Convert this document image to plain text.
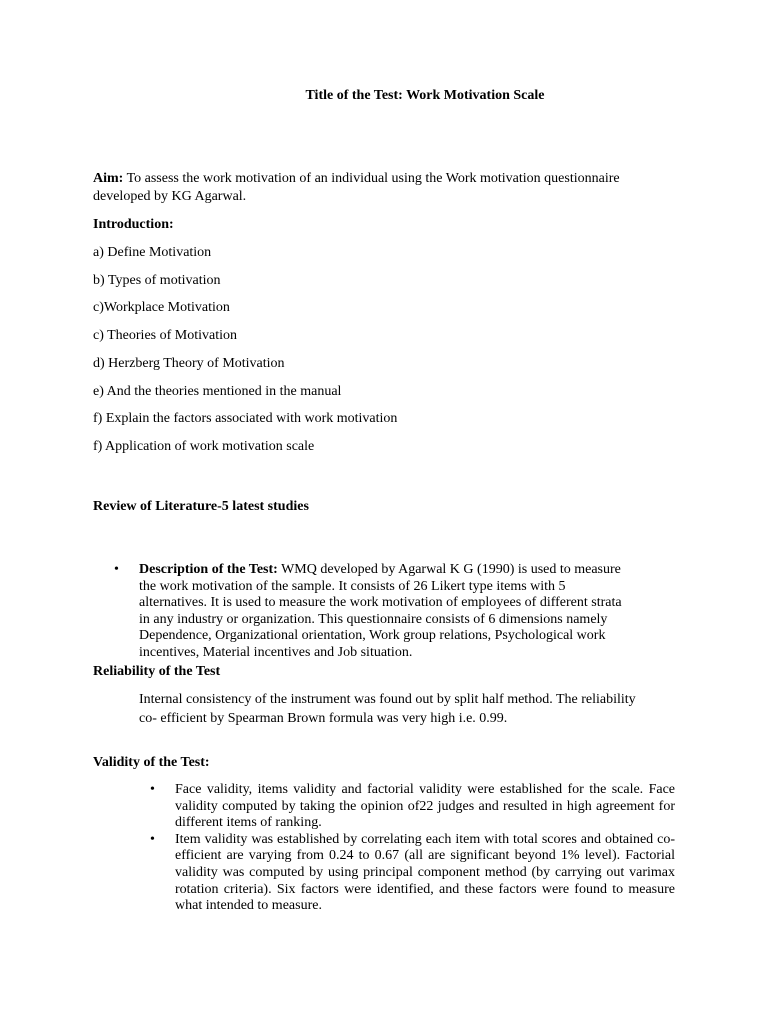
Title of the Test: Work Motivation Scale
Aim: To assess the work motivation of an individual using the Work motivation questionnaire developed by KG Agarwal.
Introduction:
a) Define Motivation
b) Types of motivation
c)Workplace Motivation
c) Theories of Motivation
d) Herzberg Theory of Motivation
e) And the theories mentioned in the manual
f) Explain the factors associated with work motivation
f) Application of work motivation scale
Review of Literature-5 latest studies
• Description of the Test: WMQ developed by Agarwal K G (1990) is used to measure the work motivation of the sample. It consists of 26 Likert type items with 5 alternatives. It is used to measure the work motivation of employees of different strata in any industry or organization. This questionnaire consists of 6 dimensions namely Dependence, Organizational orientation, Work group relations, Psychological work incentives, Material incentives and Job situation.
Reliability of the Test
Internal consistency of the instrument was found out by split half method. The reliability co- efficient by Spearman Brown formula was very high i.e. 0.99.
Validity of the Test:
• Face validity, items validity and factorial validity were established for the scale. Face validity computed by taking the opinion of22 judges and resulted in high agreement for different items of ranking.
• Item validity was established by correlating each item with total scores and obtained co-efficient are varying from 0.24 to 0.67 (all are significant beyond 1% level). Factorial validity was computed by using principal component method (by carrying out varimax rotation criteria). Six factors were identified, and these factors were found to measure what intended to measure.
